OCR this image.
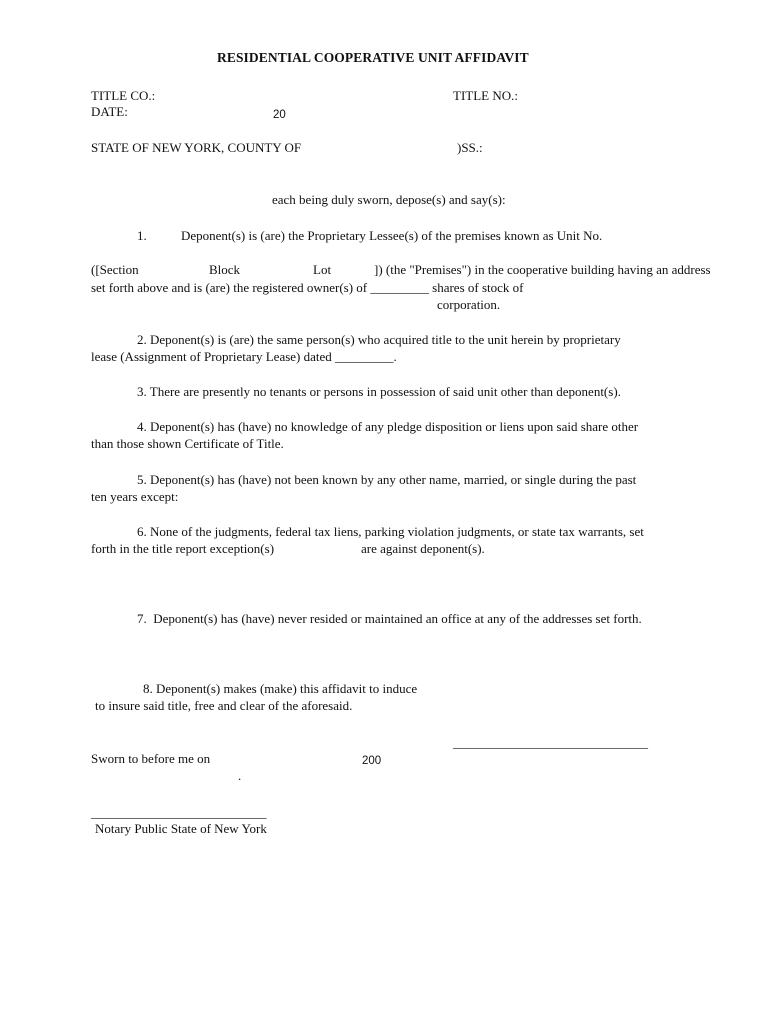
RESIDENTIAL COOPERATIVE UNIT AFFIDAVIT
TITLE CO.:	TITLE NO.:
DATE:	20
STATE OF NEW YORK, COUNTY OF	)SS.:
each being duly sworn, depose(s) and say(s):
1.	Deponent(s) is (are) the Proprietary Lessee(s) of the premises known as Unit No.
([Section	Block	Lot	]) (the "Premises") in the cooperative building having an address
set forth above and is (are) the registered owner(s) of _________ shares of stock of
corporation.
2. Deponent(s) is (are) the same person(s) who acquired title to the unit herein by proprietary
lease (Assignment of Proprietary Lease) dated _________.
3. There are presently no tenants or persons in possession of said unit other than deponent(s).
4. Deponent(s) has (have) no knowledge of any pledge disposition or liens upon said share other
than those shown Certificate of Title.
5. Deponent(s) has (have) not been known by any other name, married, or single during the past
ten years except:
6. None of the judgments, federal tax liens, parking violation judgments, or state tax warrants, set
forth in the title report exception(s)	are against deponent(s).
7.  Deponent(s) has (have) never resided or maintained an office at any of the addresses set forth.
8. Deponent(s) makes (make) this affidavit to induce
to insure said title, free and clear of the aforesaid.
______________________________
Sworn to before me on	200
.
___________________________
Notary Public State of New York
